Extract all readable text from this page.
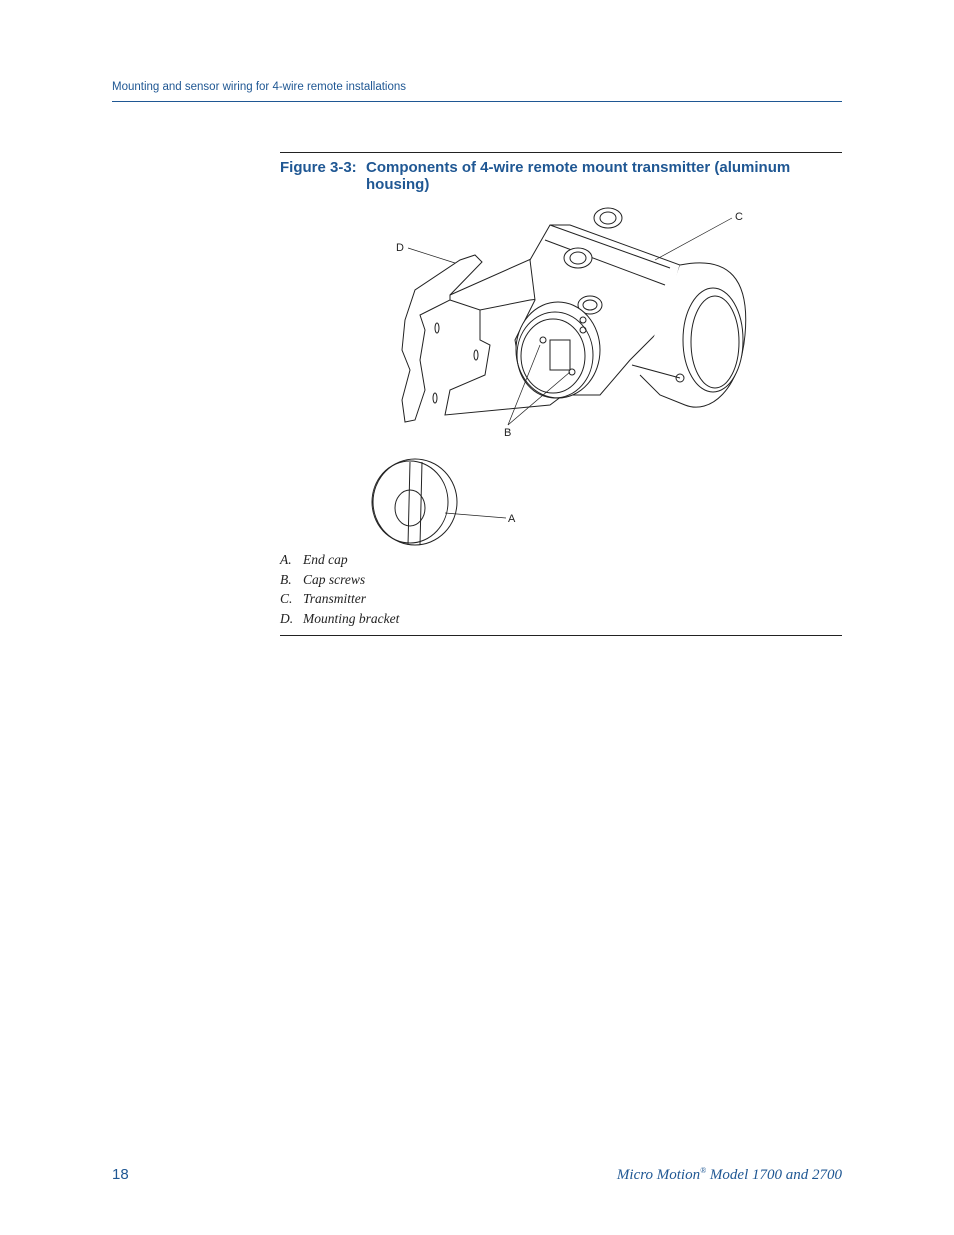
Mounting and sensor wiring for 4-wire remote installations
Figure 3-3: Components of 4-wire remote mount transmitter (aluminum housing)
D
C
B
A
A. End cap
B. Cap screws
C. Transmitter
D. Mounting bracket
18	Micro Motion® Model 1700 and 2700
